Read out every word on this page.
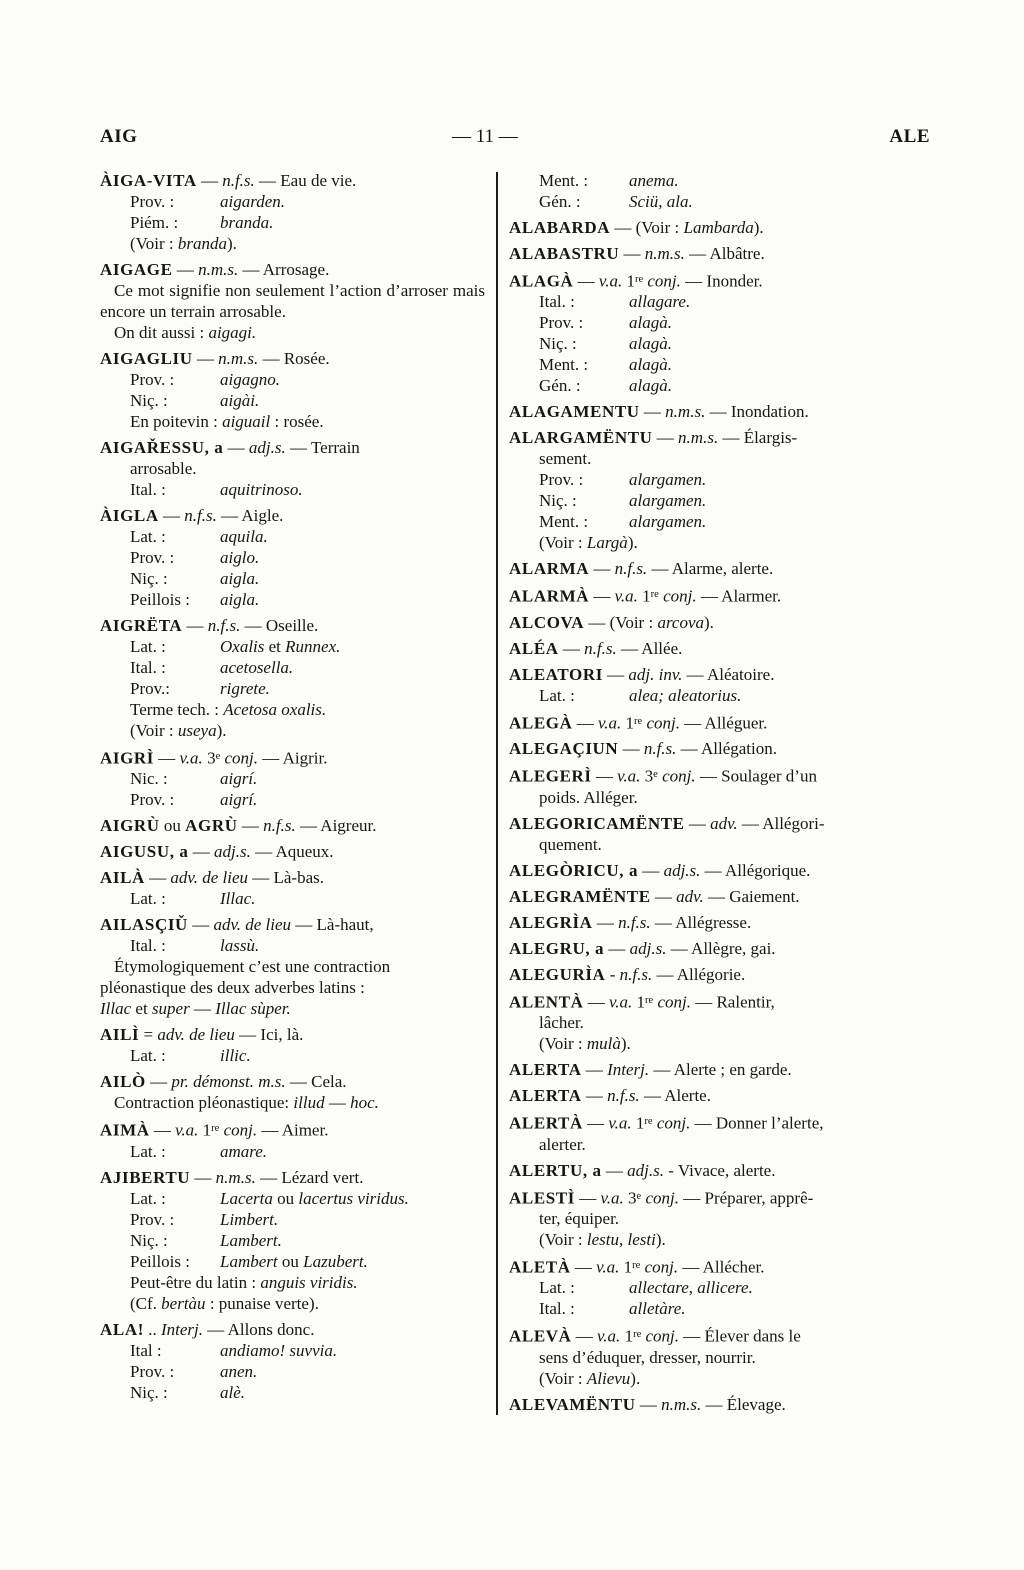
AIG	— 11 —	ALE
ÀIGA-VITA — n.f.s. — Eau de vie.
Prov. :	aigarden.
Piém. : branda.
(Voir : branda).
AIGAGE — n.m.s. — Arrosage.
Ce mot signifie non seulement l’action d’arroser mais encore un terrain arrosable.
On dit aussi : aigagi.
AIGAGLIU — n.m.s. — Rosée.
Prov. :	aigagno.
Niç. :	aigài.
En poitevin : aiguail : rosée.
AIGAŘESSU, a — adj.s. — Terrain
arrosable.
Ital. :	aquitrinoso.
ÀIGLA — n.f.s. — Aigle.
Lat. :	aquila.
Prov. :	aiglo.
Niç. :	aigla.
Peillois : aigla.
AIGRËTA — n.f.s. — Oseille.
Lat. :	Oxalis et Runnex.
Ital. :	acetosella.
Prov.:	rigrete.
Terme tech. : Acetosa oxalis.
(Voir : useya).
AIGRÌ — v.a. 3e conj. — Aigrir.
Nic. :	aigrí.
Prov. :	aigrí.
AIGRÙ ou AGRÙ — n.f.s. — Aigreur.
AIGUSU, a — adj.s. — Aqueux.
AILÀ — adv. de lieu — Là-bas.
Lat. :	Illac.
AILASÇIǓ — adv. de lieu — Là-haut,
Ital. :	lassù.
Étymologiquement c’est une contraction
pléonastique des deux adverbes latins :
Illac et super — Illac sùper.
AILÌ = adv. de lieu — Ici, là.
Lat. :	illic.
AILÒ — pr. démonst. m.s. — Cela.
Contraction pléonastique: illud — hoc.
AIMÀ — v.a. 1re conj. — Aimer.
Lat. :	amare.
AJIBERTU — n.m.s. — Lézard vert.
Lat. :	Lacerta ou lacertus viridus.
Prov. :	Limbert.
Niç. :	Lambert.
Peillois : Lambert ou Lazubert.
Peut-être du latin : anguis viridis.
(Cf. bertàu : punaise verte).
ALA! .. Interj. — Allons donc.
Ital :	andiamo! suvvia.
Prov. :	anen.
Niç. :	alè.
Ment. : anema.
Gén. :	Sciü, ala.
ALABARDA — (Voir : Lambarda).
ALABASTRU — n.m.s. — Albâtre.
ALAGÀ — v.a. 1re conj. — Inonder.
Ital. :	allagare.
Prov. :	alagà.
Niç. :	alagà.
Ment. : alagà.
Gén. :	alagà.
ALAGAMENTU — n.m.s. — Inondation.
ALARGAMËNTU — n.m.s. — Élargis-
sement.
Prov. :	alargamen.
Niç. :	alargamen.
Ment. : alargamen.
(Voir : Largà).
ALARMA — n.f.s. — Alarme, alerte.
ALARMÀ — v.a. 1re conj. — Alarmer.
ALCOVA — (Voir : arcova).
ALÉA — n.f.s. — Allée.
ALEATORI — adj. inv. — Aléatoire.
Lat. :	alea; aleatorius.
ALEGÀ — v.a. 1re conj. — Alléguer.
ALEGAÇIUN — n.f.s. — Allégation.
ALEGERÌ — v.a. 3e conj. — Soulager d’un
poids. Alléger.
ALEGORICAMËNTE — adv. — Allégori-
quement.
ALEGÒRICU, a — adj.s. — Allégorique.
ALEGRAMËNTE — adv. — Gaiement.
ALEGRÌA — n.f.s. — Allégresse.
ALEGRU, a — adj.s. — Allègre, gai.
ALEGURÌA - n.f.s. — Allégorie.
ALENTÀ — v.a. 1re conj. — Ralentir,
lâcher.
(Voir : mulà).
ALERTA — Interj. — Alerte ; en garde.
ALERTA — n.f.s. — Alerte.
ALERTÀ — v.a. 1re conj. — Donner l’alerte,
alerter.
ALERTU, a — adj.s. - Vivace, alerte.
ALESTÌ — v.a. 3e conj. — Préparer, apprê-
ter, équiper.
(Voir : lestu, lesti).
ALETÀ — v.a. 1re conj. — Allécher.
Lat. :	allectare, allicere.
Ital. :	alletàre.
ALEVÀ — v.a. 1re conj. — Élever dans le
sens d’éduquer, dresser, nourrir.
(Voir : Alievu).
ALEVAMËNTU — n.m.s. — Élevage.
